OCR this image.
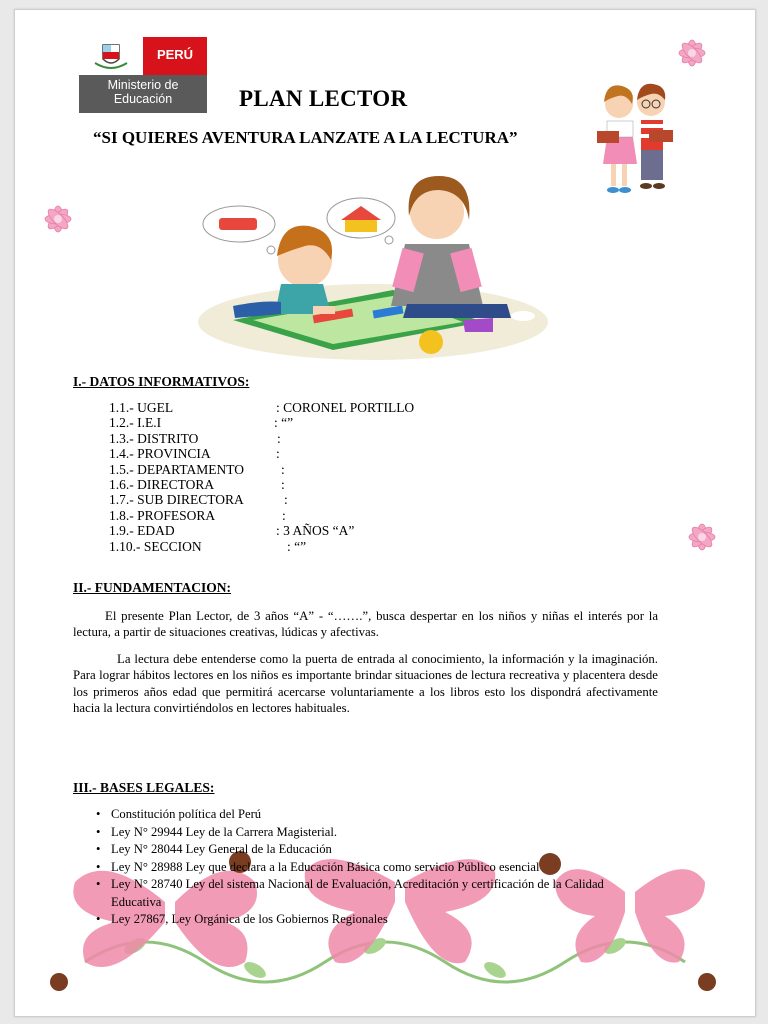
PERÚ
Ministerio de
Educación	PLAN LECTOR
“SI QUIERES AVENTURA LANZATE A LA LECTURA”
I.- DATOS INFORMATIVOS:
1.1.- UGEL	: CORONEL PORTILLO
1.2.- I.E.I	: “”
1.3.- DISTRITO	:
1.4.- PROVINCIA	:
1.5.- DEPARTAMENTO	:
1.6.- DIRECTORA	:
1.7.- SUB DIRECTORA	:
1.8.- PROFESORA	:
1.9.- EDAD	: 3 AÑOS “A”
1.10.- SECCION	: “”
II.- FUNDAMENTACION:
El presente Plan Lector, de 3 años “A” - “…….”, busca despertar en los niños y niñas el interés por la lectura, a partir de situaciones creativas, lúdicas y afectivas.
La lectura debe entenderse como la puerta de entrada al conocimiento, la información y la imaginación. Para lograr hábitos lectores en los niños es importante brindar situaciones de lectura recreativa y placentera desde los primeros años edad que permitirá acercarse voluntariamente a los libros esto los dispondrá afectivamente hacia la lectura convirtiéndolos en lectores habituales.
III.- BASES LEGALES:
• Constitución política del Perú
• Ley N° 29944 Ley de la Carrera Magisterial.
• Ley N° 28044 Ley General de la Educación
• Ley N° 28988 Ley que declara a la Educación Básica como servicio Público esencial
• Ley N° 28740 Ley del sistema Nacional de Evaluación, Acreditación y certificación de la Calidad Educativa
• Ley 27867, Ley Orgánica de los Gobiernos Regionales
